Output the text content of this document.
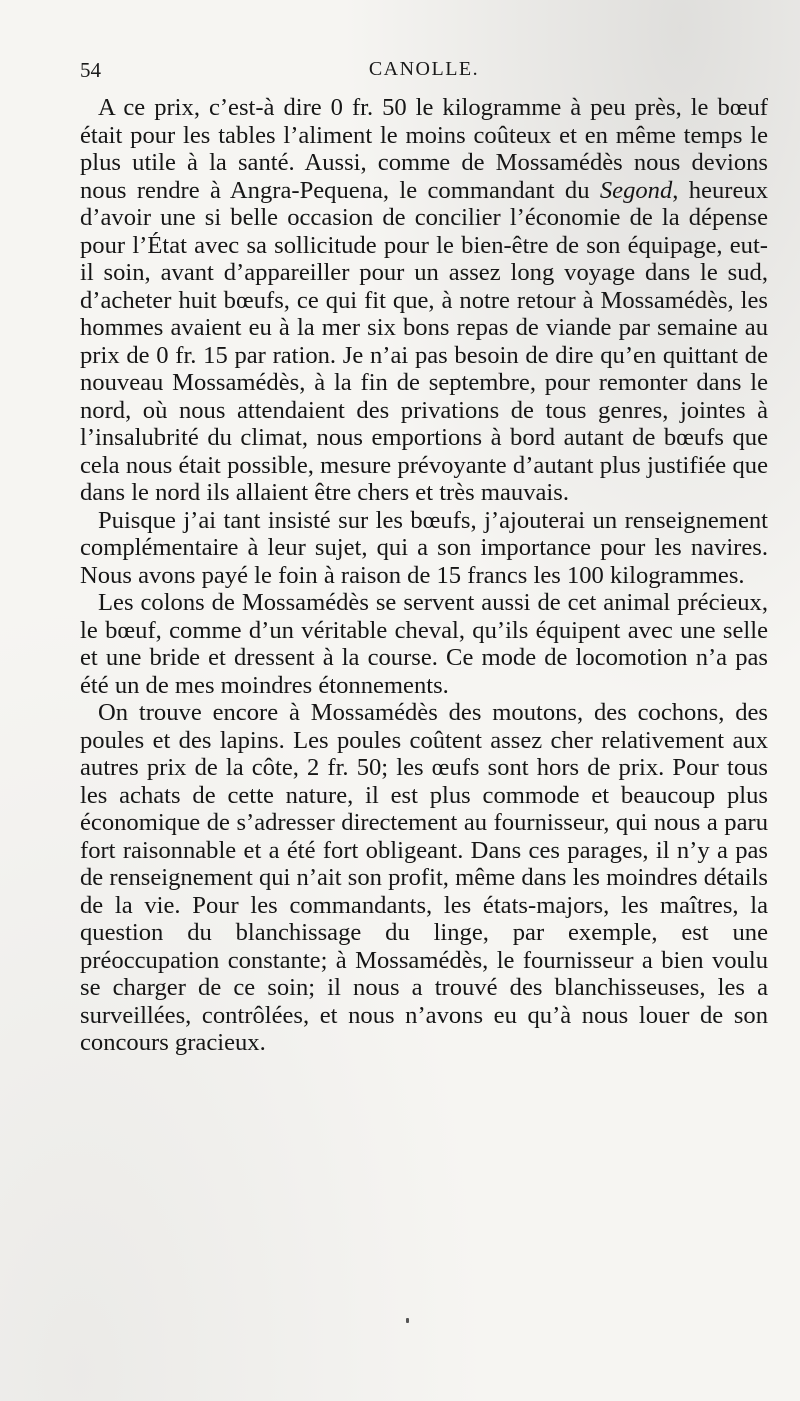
54	CANOLLE.

A ce prix, c’est-à dire 0 fr. 50 le kilogramme à peu près, le bœuf était pour les tables l’aliment le moins coûteux et en même temps le plus utile à la santé. Aussi, comme de Mossamédès nous devions nous rendre à Angra-Pequena, le commandant du Segond, heureux d’avoir une si belle occasion de concilier l’économie de la dépense pour l’État avec sa sollicitude pour le bien-être de son équipage, eut-il soin, avant d’appareiller pour un assez long voyage dans le sud, d’acheter huit bœufs, ce qui fit que, à notre retour à Mossamédès, les hommes avaient eu à la mer six bons repas de viande par semaine au prix de 0 fr. 15 par ration. Je n’ai pas besoin de dire qu’en quittant de nouveau Mossamédès, à la fin de septembre, pour remonter dans le nord, où nous attendaient des privations de tous genres, jointes à l’insalubrité du climat, nous emportions à bord autant de bœufs que cela nous était possible, mesure prévoyante d’autant plus justifiée que dans le nord ils allaient être chers et très mauvais.

Puisque j’ai tant insisté sur les bœufs, j’ajouterai un renseignement complémentaire à leur sujet, qui a son importance pour les navires. Nous avons payé le foin à raison de 15 francs les 100 kilogrammes.

Les colons de Mossamédès se servent aussi de cet animal précieux, le bœuf, comme d’un véritable cheval, qu’ils équipent avec une selle et une bride et dressent à la course. Ce mode de locomotion n’a pas été un de mes moindres étonnements.

On trouve encore à Mossamédès des moutons, des cochons, des poules et des lapins. Les poules coûtent assez cher relativement aux autres prix de la côte, 2 fr. 50; les œufs sont hors de prix. Pour tous les achats de cette nature, il est plus commode et beaucoup plus économique de s’adresser directement au fournisseur, qui nous a paru fort raisonnable et a été fort obligeant. Dans ces parages, il n’y a pas de renseignement qui n’ait son profit, même dans les moindres détails de la vie. Pour les commandants, les états-majors, les maîtres, la question du blanchissage du linge, par exemple, est une préoccupation constante; à Mossamédès, le fournisseur a bien voulu se charger de ce soin; il nous a trouvé des blanchisseuses, les a surveillées, contrôlées, et nous n’avons eu qu’à nous louer de son concours gracieux.
